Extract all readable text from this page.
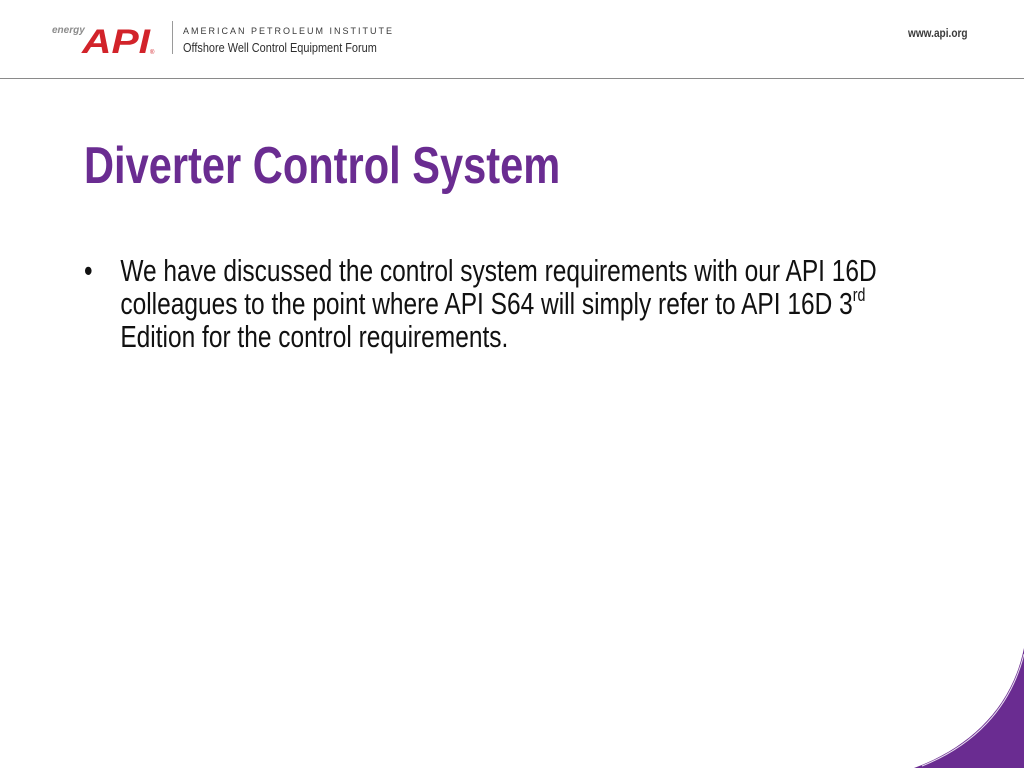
energy
API
®
AMERICAN PETROLEUM INSTITUTE
Offshore Well Control Equipment Forum
www.api.org
Diverter Control System
• We have discussed the control system requirements with our API 16D colleagues to the point where API S64 will simply refer to API 16D 3rd Edition for the control requirements.
